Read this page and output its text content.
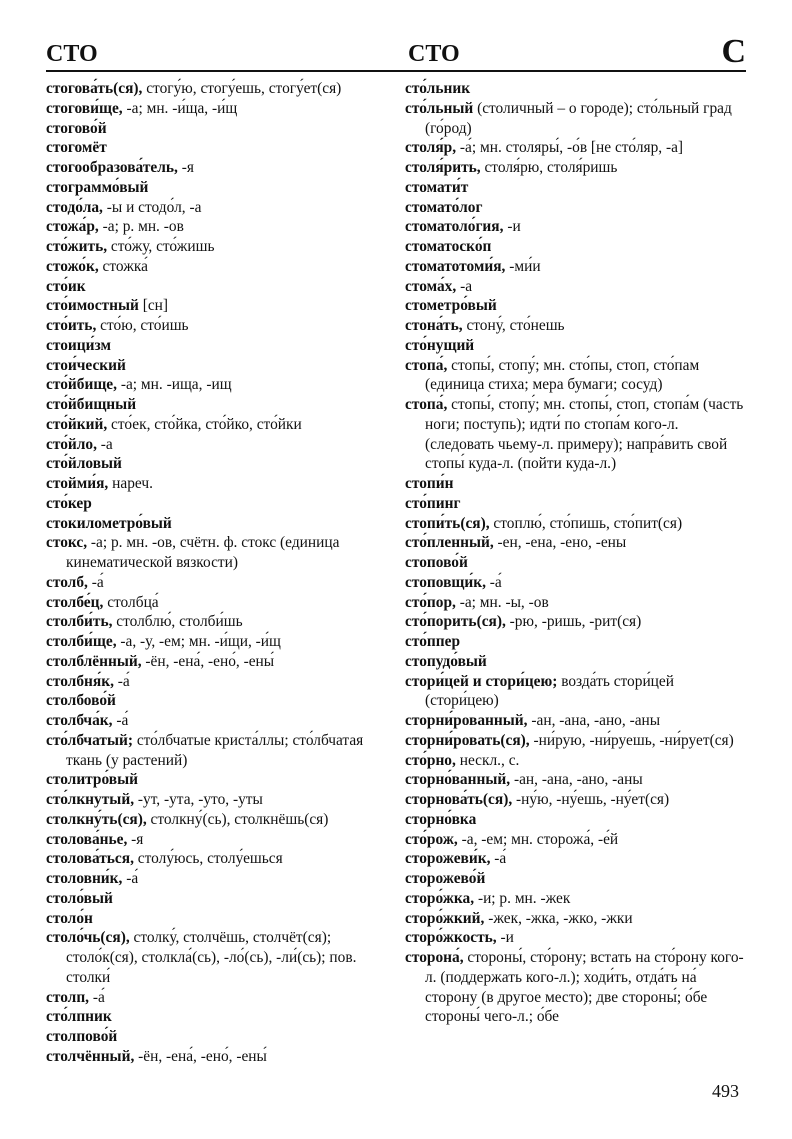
СТО	СТО	С

стогова́ть(ся), стогу́ю, стогу́ешь, стогу́ет(ся)

стогови́ще, -а; мн. -и́ща, -и́щ

стогово́й

стогомёт

стогообразова́тель, -я

стограммо́вый

стодо́ла, -ы и стодо́л, -а

стожа́р, -а; р. мн. -ов

сто́жить, сто́жу, сто́жишь

стожо́к, стожка́

сто́ик

сто́имостный [сн]

сто́ить, сто́ю, сто́ишь

стоици́зм

стои́ческий

сто́йбище, -а; мн. -ища, -ищ

сто́йбищный

сто́йкий, сто́ек, сто́йка, сто́йко, сто́йки

сто́йло, -а

сто́йловый

стойми́я, нареч.

сто́кер

стокилометро́вый

стокс, -а; р. мн. -ов, счётн. ф. стокс (единица кинематической вязкости)

столб, -а́

столбе́ц, столбца́

столби́ть, столблю́, столби́шь

столби́ще, -а, -у, -ем; мн. -и́щи, -и́щ

столблённый, -ён, -ена́, -ено́, -ены́

столбня́к, -а́

столбово́й

столбча́к, -а́

сто́лбчатый; сто́лбчатые криста́ллы; сто́лбчатая ткань (у растений)

столитро́вый

сто́лкнутый, -ут, -ута, -уто, -уты

столкну́ть(ся), столкну́(сь), столкнёшь(ся)

столова́нье, -я

столова́ться, столу́юсь, столу́ешься

столовни́к, -а́

столо́вый

столо́н

столо́чь(ся), столку́, столчёшь, столчёт(ся); столо́к(ся), столкла́(сь), -ло́(сь), -ли́(сь); пов. столки́

столп, -а́

сто́лпник

столпово́й

столчённый, -ён, -ена́, -ено́, -ены́

сто́льник

сто́льный (столичный – о городе); сто́льный град (го́род)

столя́р, -а́; мн. столяры́, -о́в [не сто́ляр, -а]

столя́рить, столя́рю, столя́ришь

стомати́т

стомато́лог

стоматоло́гия, -и

стоматоско́п

стоматотоми́я, -ми́и

стома́х, -а

стометро́вый

стона́ть, стону́, сто́нешь

сто́нущий

стопа́, стопы́, стопу́; мн. сто́пы, стоп, сто́пам (единица стиха; мера бумаги; сосуд)

стопа́, стопы́, стопу́; мн. стопы́, стоп, стопа́м (часть ноги; поступь); идти́ по стопа́м кого-л. (следовать чьему-л. примеру); напра́вить свой стопы́ куда-л. (пойти куда-л.)

стопи́н

сто́пинг

стопи́ть(ся), стоплю́, сто́пишь, сто́пит(ся)

сто́пленный, -ен, -ена, -ено, -ены

стопово́й

стоповщи́к, -а́

сто́пор, -а; мн. -ы, -ов

сто́порить(ся), -рю, -ришь, -рит(ся)

сто́ппер

стопудо́вый

стори́цей и стори́цею; возда́ть стори́цей (стори́цею)

сторни́рованный, -ан, -ана, -ано, -аны

сторни́ровать(ся), -ни́рую, -ни́руешь, -ни́рует(ся)

сто́рно, нескл., с.

сторно́ванный, -ан, -ана, -ано, -аны

сторнова́ть(ся), -ну́ю, -ну́ешь, -ну́ет(ся)

сторно́вка

сто́рож, -а, -ем; мн. сторожа́, -е́й

сторожеви́к, -а́

сторожево́й

сторо́жка, -и; р. мн. -жек

сторо́жкий, -жек, -жка, -жко, -жки

сторо́жкость, -и

сторона́, стороны́, сто́рону; встать на сто́рону кого-л. (поддержать кого-л.); ходи́ть, отда́ть на́ сторону (в другое место); две стороны́; о́бе стороны́ чего-л.; о́бе

493
